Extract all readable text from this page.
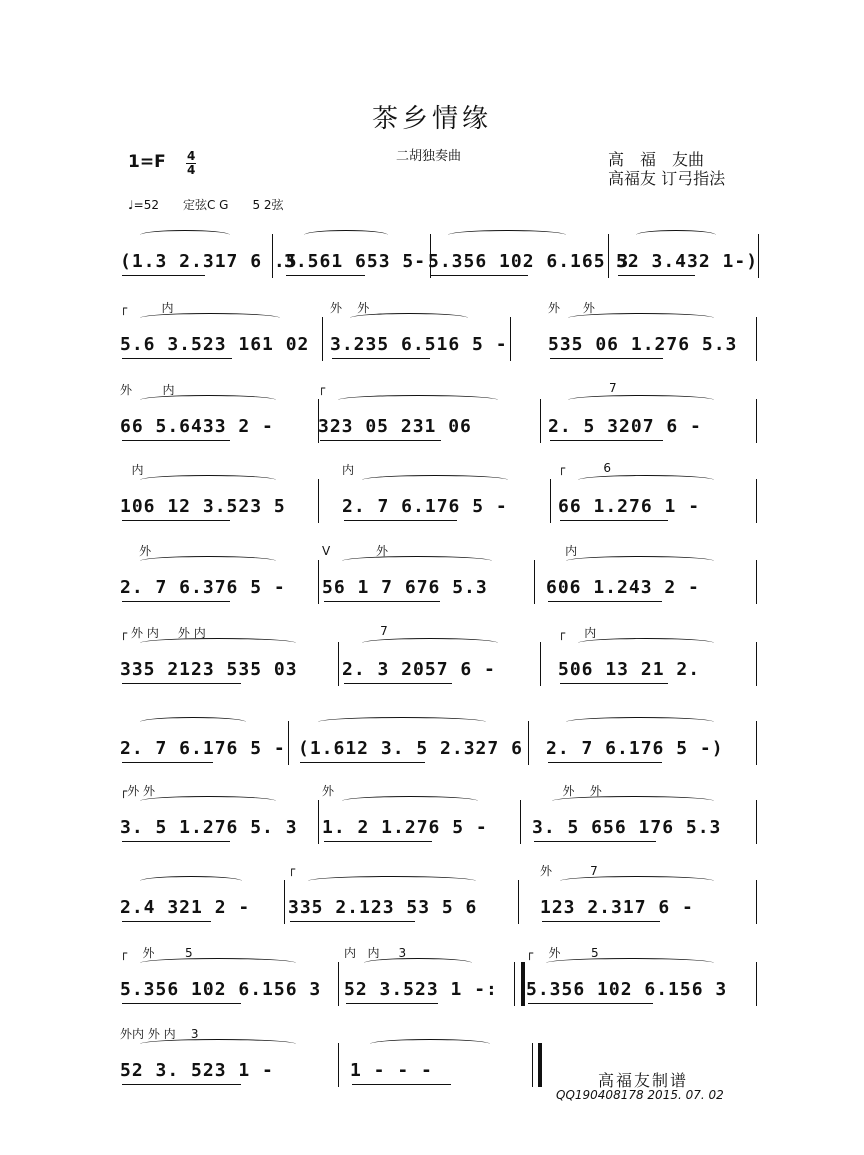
茶乡情缘
二胡独奏曲
$1=F \frac{4}{4}$	高　福　友曲
高福友 订弓指法
♩=52　　定弦C G　　5 2弦
(1.3 2.317 6 .5
3.561 653 5- 5.356 102 6.165 3
52 3.432 1-)
┌         内
5.6 3.523 161 02
外    外
3.235 6.516 5 -
外      外
535 06 1.276 5.3
外        内
66 5.6433 2 -
┌
323 05 231 06
7
2. 5 3207 6 -
内
106 12 3.523 5
内
2. 7 6.176 5 -
┌          6
66 1.276 1 -
外
2. 7 6.376 5 -
V            外
56 1 7 676 5.3
内
606 1.243 2 -
┌ 外 内     外 内
335 2123 535 03
7
2. 3 2057 6 -
┌     内
506 13 21 2.
2. 7 6.176 5 - (1.612 3. 5 2.327 6 2. 7 6.176 5 -)
┌外 外
3. 5 1.276 5. 3
外
1. 2 1.276 5 -
外    外
3. 5 656 176 5.3
2.4 321 2 -
┌
335 2.123 53 5 6
外          7
123 2.317 6 -
┌    外        5
5.356 102 6.156 3
内   内     3
52 3.523 1 -:
┌    外        5
5.356 102 6.156 3
外内 外 内    3
52 3. 523 1 -	1 - - -	高福友制谱
QQ190408178 2015. 07. 02
